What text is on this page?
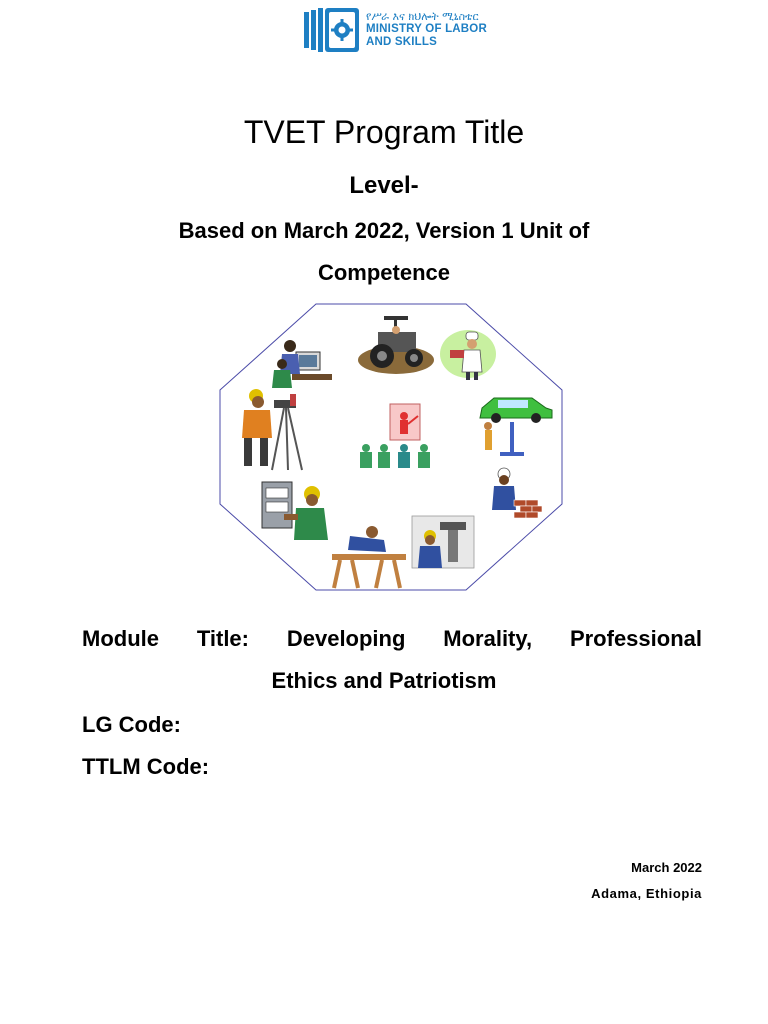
የሥራ እና ክህሎት ሚኒስቴር
MINISTRY OF LABOR
AND SKILLS
TVET Program Title
Level-
Based on March 2022, Version 1 Unit of
Competence
Module Title: Developing Morality, Professional
Ethics and Patriotism
LG Code:
TTLM Code:
March 2022
Adama, Ethiopia
